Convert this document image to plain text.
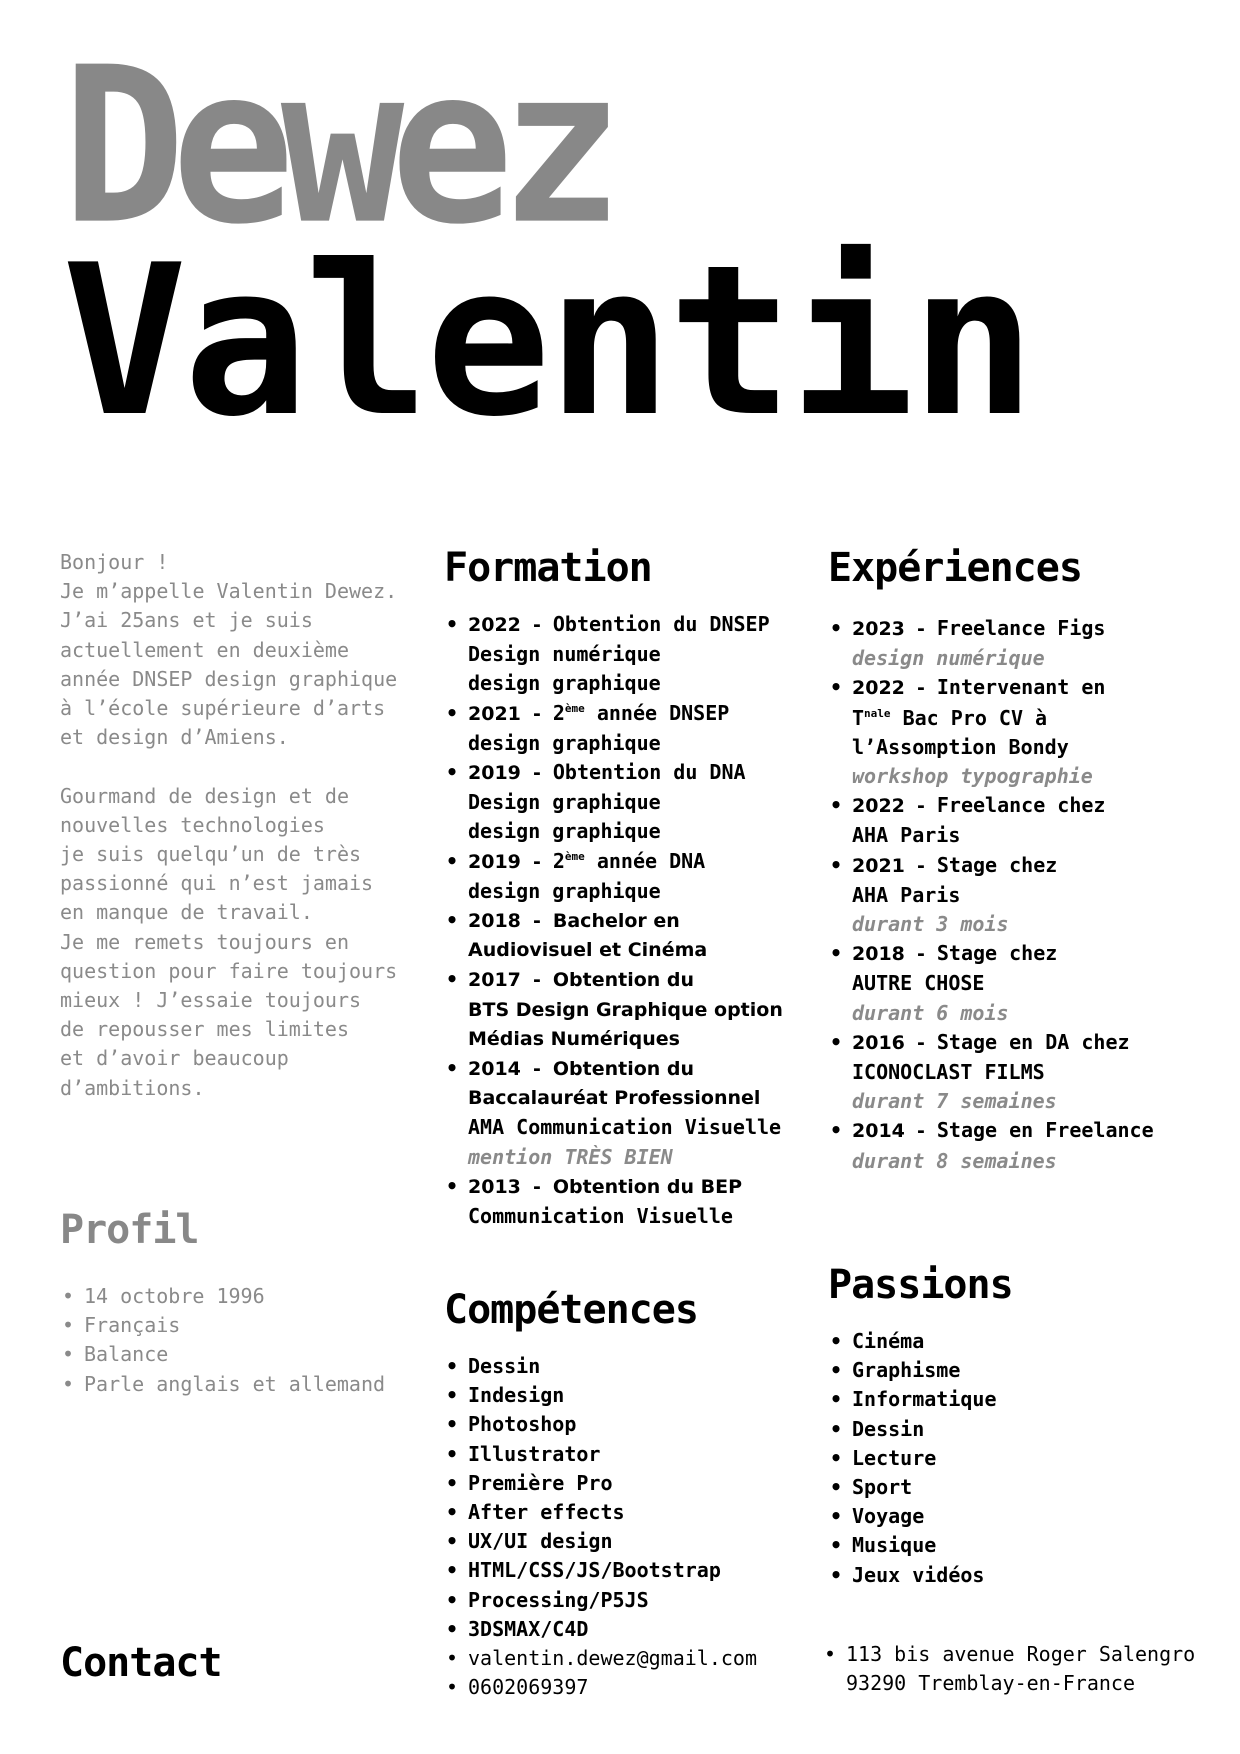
Dewez
Valentin
Bonjour !
Je m’appelle Valentin Dewez.
J’ai 25ans et je suis
actuellement en deuxième
année DNSEP design graphique
à l’école supérieure d’arts
et design d’Amiens.

Gourmand de design et de
nouvelles technologies
je suis quelqu’un de très
passionné qui n’est jamais
en manque de travail.
Je me remets toujours en
question pour faire toujours
mieux ! J’essaie toujours
de repousser mes limites
et d’avoir beaucoup
d’ambitions.
Formation
• 2022 - Obtention du DNSEP
Design numérique
design graphique
• 2021 - 2ème année DNSEP
design graphique
• 2019 - Obtention du DNA
Design graphique
design graphique
• 2019 - 2ème année DNA
design graphique
• 2018 - Bachelor en
Audiovisuel et Cinéma
• 2017 - Obtention du
BTS Design Graphique option
Médias Numériques
• 2014 - Obtention du
Baccalauréat Professionnel
AMA Communication Visuelle
mention TRÈS BIEN
• 2013 - Obtention du BEP
Communication Visuelle
Expériences
• 2023 - Freelance Figs
design numérique
• 2022 - Intervenant en
$T^{nale}$ Bac Pro CV à
l’Assomption Bondy
workshop typographie
• 2022 - Freelance chez
AHA Paris
• 2021 - Stage chez
AHA Paris
durant 3 mois
• 2018 - Stage chez
AUTRE CHOSE
durant 6 mois
• 2016 - Stage en DA chez
ICONOCLAST FILMS
durant 7 semaines
• 2014 - Stage en Freelance
durant 8 semaines
Profil
• 14 octobre 1996
• Français
• Balance
• Parle anglais et allemand
Compétences
• Dessin
• Indesign
• Photoshop
• Illustrator
• Première Pro
• After effects
• UX/UI design
• HTML/CSS/JS/Bootstrap
• Processing/P5JS
• 3DSMAX/C4D
• valentin.dewez@gmail.com
• 0602069397
Passions
• Cinéma
• Graphisme
• Informatique
• Dessin
• Lecture
• Sport
• Voyage
• Musique
• Jeux vidéos
Contact
•	113 bis avenue Roger Salengro
93290 Tremblay-en-France
